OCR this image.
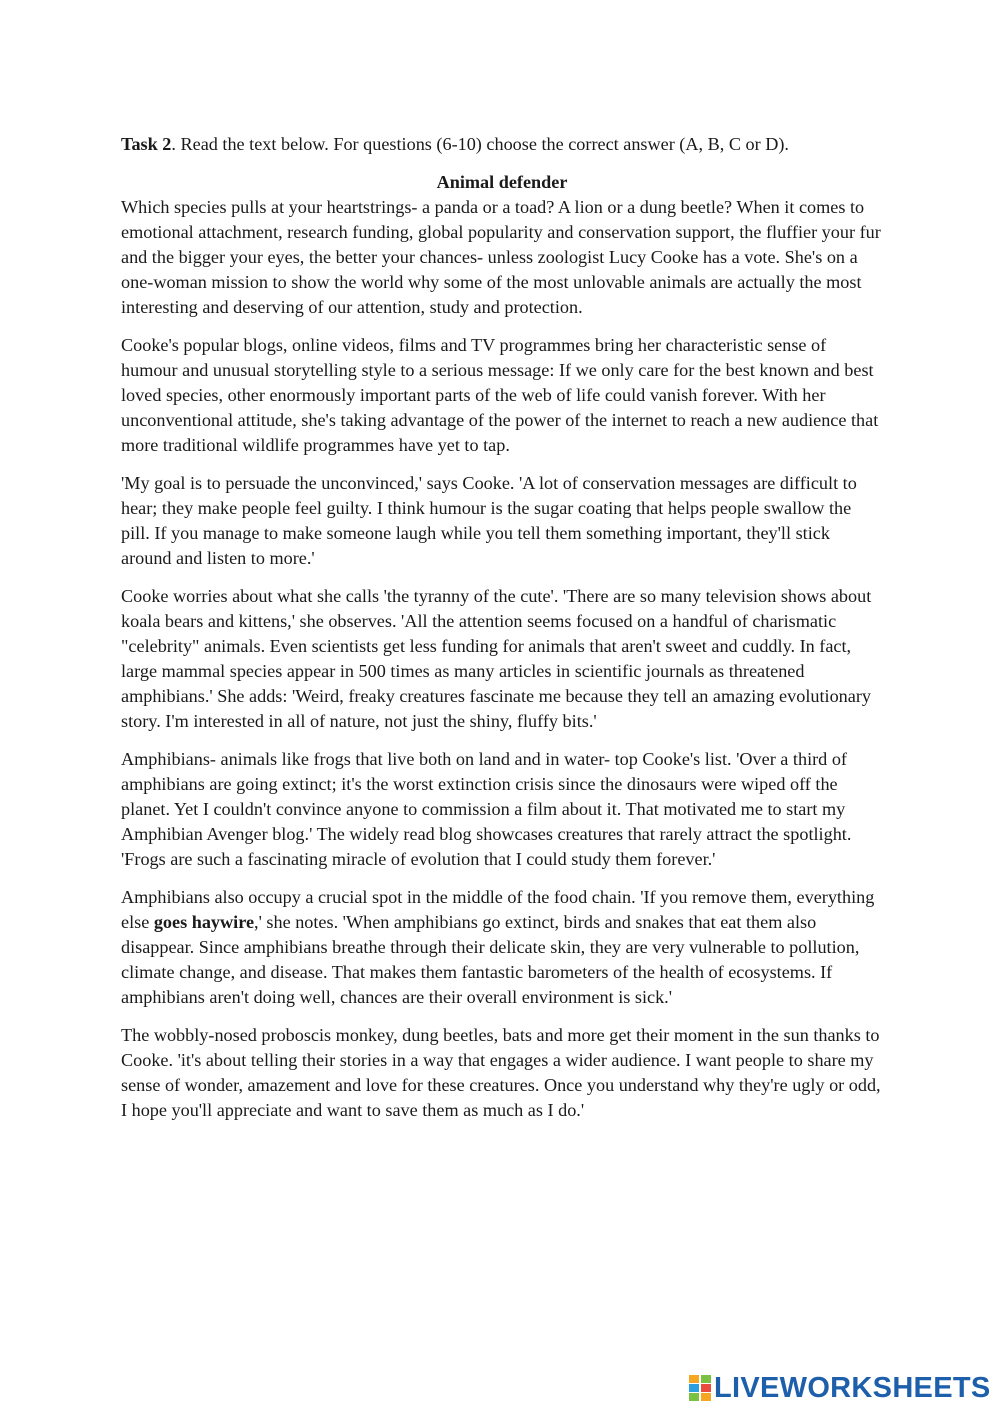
Task 2. Read the text below. For questions (6-10) choose the correct answer (A, B, C or D).

Animal defender

Which species pulls at your heartstrings- a panda or a toad? A lion or a dung beetle? When it comes to emotional attachment, research funding, global popularity and conservation support, the fluffier your fur and the bigger your eyes, the better your chances- unless zoologist Lucy Cooke has a vote. She's on a one-woman mission to show the world why some of the most unlovable animals are actually the most interesting and deserving of our attention, study and protection.

Cooke's popular blogs, online videos, films and TV programmes bring her characteristic sense of humour and unusual storytelling style to a serious message: If we only care for the best known and best loved species, other enormously important parts of the web of life could vanish forever. With her unconventional attitude, she's taking advantage of the power of the internet to reach a new audience that more traditional wildlife programmes have yet to tap.

'My goal is to persuade the unconvinced,' says Cooke. 'A lot of conservation messages are difficult to hear; they make people feel guilty. I think humour is the sugar coating that helps people swallow the pill. If you manage to make someone laugh while you tell them something important, they'll stick around and listen to more.'

Cooke worries about what she calls 'the tyranny of the cute'. 'There are so many television shows about koala bears and kittens,' she observes. 'All the attention seems focused on a handful of charismatic "celebrity" animals. Even scientists get less funding for animals that aren't sweet and cuddly. In fact, large mammal species appear in 500 times as many articles in scientific journals as threatened amphibians.' She adds: 'Weird, freaky creatures fascinate me because they tell an amazing evolutionary story. I'm interested in all of nature, not just the shiny, fluffy bits.'

Amphibians- animals like frogs that live both on land and in water- top Cooke's list. 'Over a third of amphibians are going extinct; it's the worst extinction crisis since the dinosaurs were wiped off the planet. Yet I couldn't convince anyone to commission a film about it. That motivated me to start my Amphibian Avenger blog.' The widely read blog showcases creatures that rarely attract the spotlight. 'Frogs are such a fascinating miracle of evolution that I could study them forever.'

Amphibians also occupy a crucial spot in the middle of the food chain. 'If you remove them, everything else goes haywire,' she notes. 'When amphibians go extinct, birds and snakes that eat them also disappear. Since amphibians breathe through their delicate skin, they are very vulnerable to pollution, climate change, and disease. That makes them fantastic barometers of the health of ecosystems. If amphibians aren't doing well, chances are their overall environment is sick.'

The wobbly-nosed proboscis monkey, dung beetles, bats and more get their moment in the sun thanks to Cooke. 'it's about telling their stories in a way that engages a wider audience. I want people to share my sense of wonder, amazement and love for these creatures. Once you understand why they're ugly or odd, I hope you'll appreciate and want to save them as much as I do.'

LIVEWORKSHEETS
